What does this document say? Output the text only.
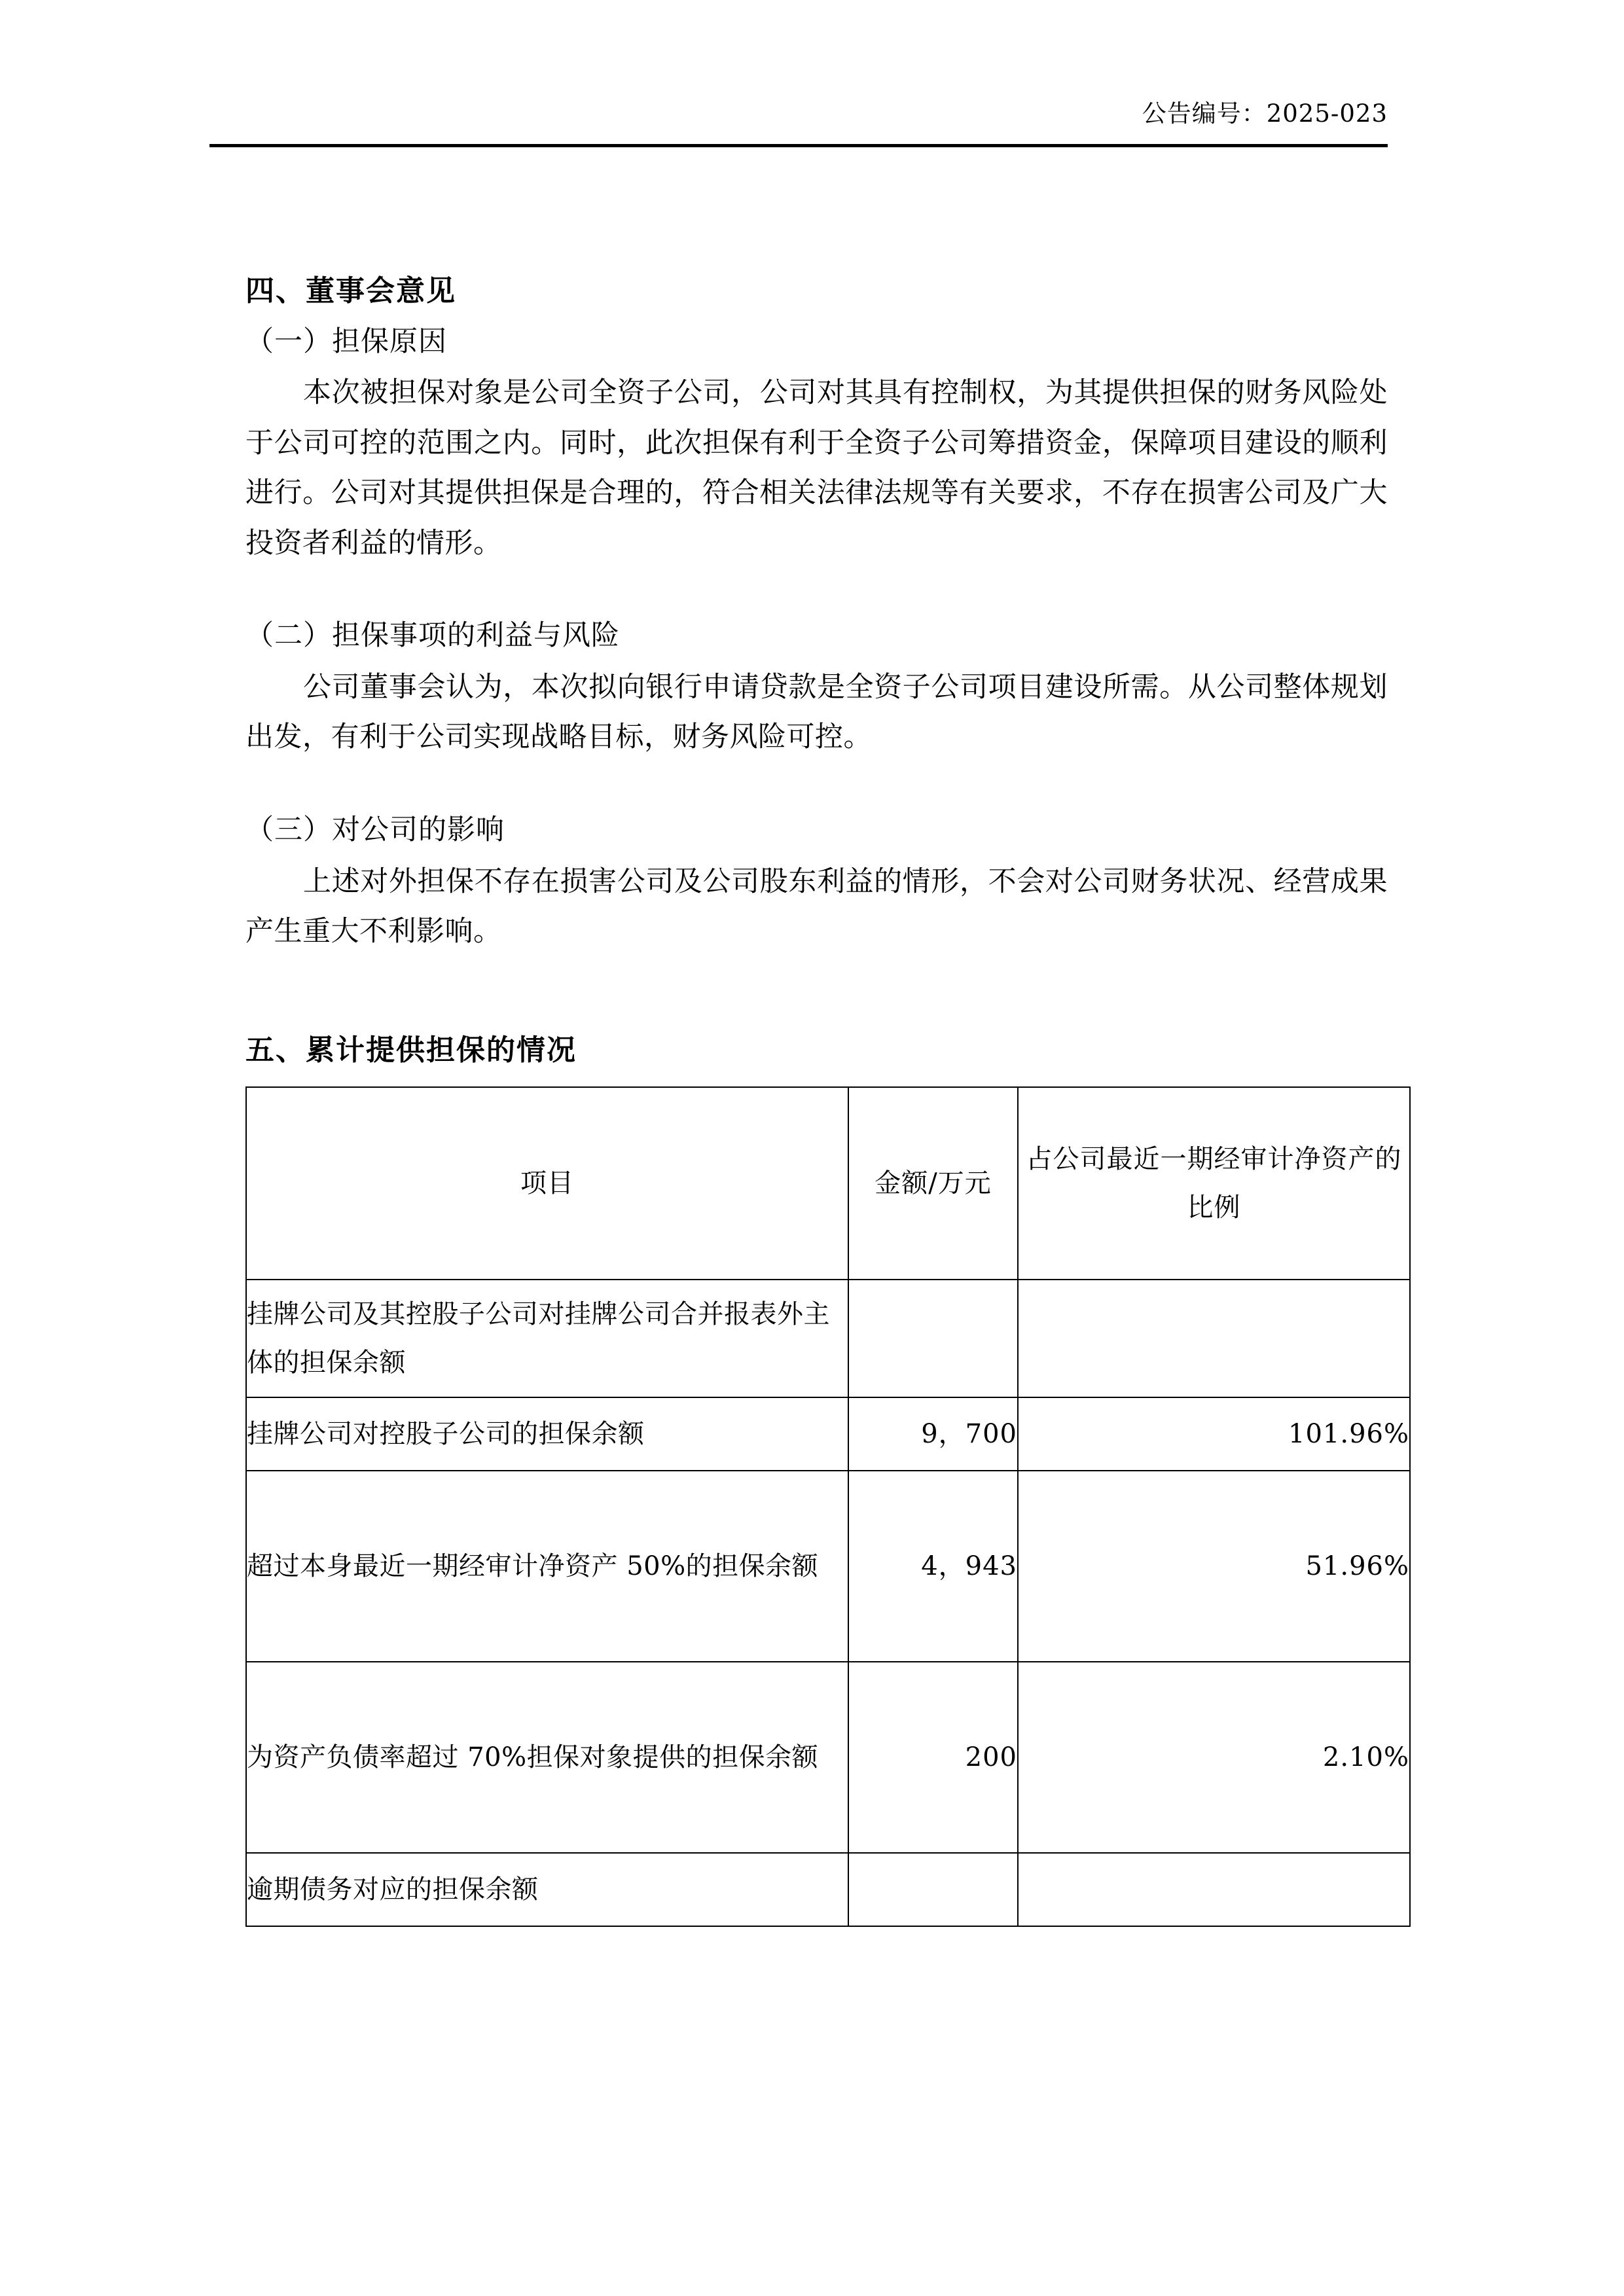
公告编号：2025-023
四、董事会意见
（一）担保原因

本次被担保对象是公司全资子公司，公司对其具有控制权，为其提供担保的财务风险处于公司可控的范围之内。同时，此次担保有利于全资子公司筹措资金，保障项目建设的顺利进行。公司对其提供担保是合理的，符合相关法律法规等有关要求，不存在损害公司及广大投资者利益的情形。

（二）担保事项的利益与风险

公司董事会认为，本次拟向银行申请贷款是全资子公司项目建设所需。从公司整体规划出发，有利于公司实现战略目标，财务风险可控。

（三）对公司的影响

上述对外担保不存在损害公司及公司股东利益的情形，不会对公司财务状况、经营成果产生重大不利影响。

五、累计提供担保的情况
项目	金额/万元	占公司最近一期经审计净资产的比例

挂牌公司及其控股子公司对挂牌公司合并报表外主体的担保余额		
挂牌公司对控股子公司的担保余额	9，700	101.96%
超过本身最近一期经审计净资产 50%的担保余额	4，943	51.96%
为资产负债率超过 70%担保对象提供的担保余额	200	2.10%
逾期债务对应的担保余额		
